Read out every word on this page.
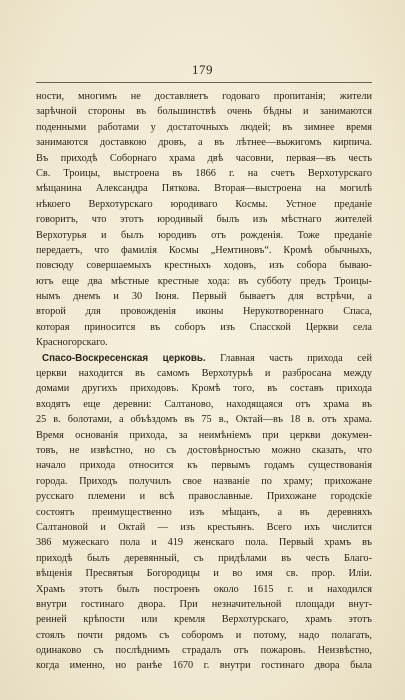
179
ности, многимъ не доставляетъ годоваго пропитанія; жители
зарѣчной стороны въ большинствѣ очень бѣдны и занимаются
поденными работами у достаточныхъ людей; въ зимнее время
занимаются доставкою дровъ, а въ лѣтнее—выжигомъ кирпича.
Въ приходѣ Соборнаго храма двѣ часовни, первая—въ честь
Св. Троицы, выстроена въ 1866 г. на счетъ Верхотурскаго
мѣщанина Александра Пяткова. Вторая—выстроена на могилѣ
нѣкоего Верхотурскаго юродиваго Космы. Устное преданіе
говоритъ, что этотъ юродивый былъ изъ мѣстнаго жителей
Верхотурья и былъ юродивъ отъ рожденія. Тоже преданіе
передаетъ, что фамилія Космы „Немтиновъ“. Кромѣ обычныхъ,
повсюду совершаемыхъ крестныхъ ходовъ, изъ собора бываю-
ютъ еще два мѣстные крестные хода: въ субботу предъ Троицы-
нымъ днемъ и 30 Іюня. Первый бываетъ для встрѣчи, а
второй для провожденія иконы Нерукотвореннаго Спаса,
которая приносится въ соборъ изъ Спасской Церкви села
Красногорскаго.
Спасо-Воскресенская церковь. Главная часть прихода сей
церкви находится въ самомъ Верхотурьѣ и разбросана между
домами другихъ приходовъ. Кромѣ того, въ составъ прихода
входятъ еще деревни: Салтаново, находящаяся отъ храма въ
25 в. болотами, а объѣздомъ въ 75 в., Октай—въ 18 в. отъ храма.
Время основанія прихода, за неимѣніемъ при церкви докумен-
товъ, не извѣстно, но съ достовѣрностью можно сказать, что
начало прихода относится къ первымъ годамъ существованія
города. Приходъ получилъ свое названіе по храму; прихожане
русскаго племени и всѣ православные. Прихожане городскіе
состоятъ преимущественно изъ мѣщанъ, а въ деревняхъ
Салтановой и Октай — изъ крестьянъ. Всего ихъ числится
386 мужескаго пола и 419 женскаго пола. Первый храмъ въ
приходѣ былъ деревянный, съ придѣлами въ честь Благо-
вѣщенія Пресвятыя Богородицы и во имя св. прор. Иліи.
Храмъ этотъ былъ построенъ около 1615 г. и находился
внутри гостинаго двора. При незначительной площади внут-
ренней крѣпости или кремля Верхотурскаго, храмъ этотъ
стоялъ почти рядомъ съ соборомъ и потому, надо полагать,
одинаково съ послѣднимъ страдалъ отъ пожаровъ. Неизвѣстно,
когда именно, но ранѣе 1670 г. внутри гостинаго двора была
